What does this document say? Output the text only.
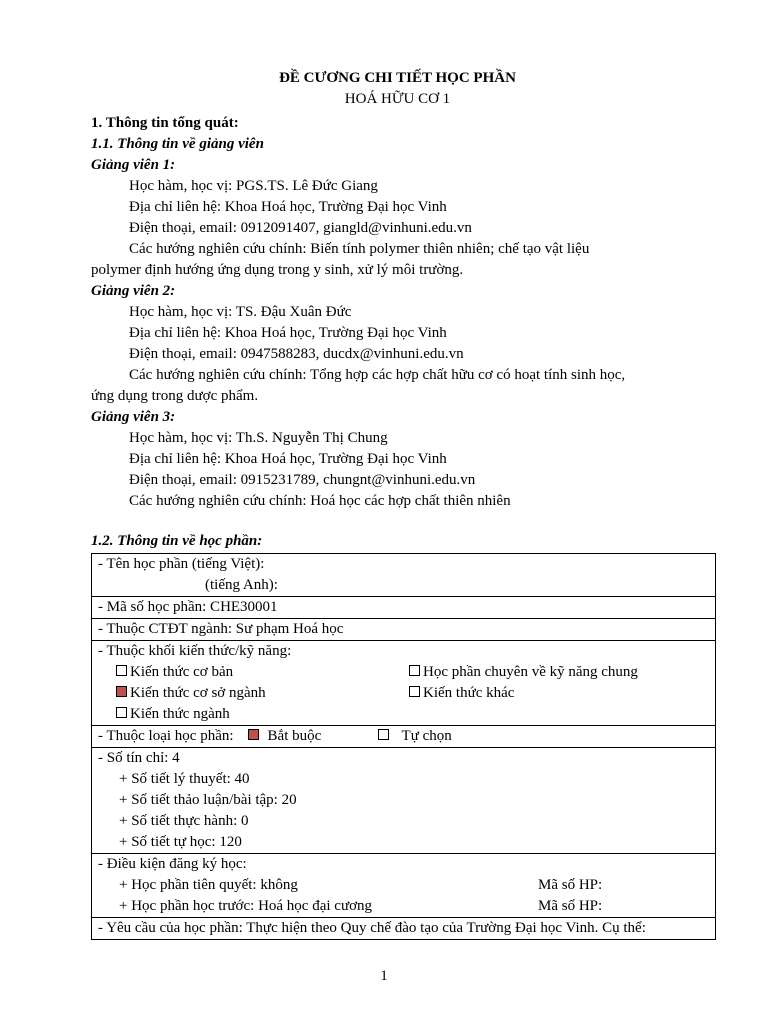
ĐỀ CƯƠNG CHI TIẾT HỌC PHẦN

HOÁ HỮU CƠ 1

1. Thông tin tổng quát:
1.1. Thông tin về giảng viên
Giảng viên 1:
Học hàm, học vị: PGS.TS. Lê Đức Giang
Địa chỉ liên hệ: Khoa Hoá học, Trường Đại học Vinh
Điện thoại, email: 0912091407, giangld@vinhuni.edu.vn
Các hướng nghiên cứu chính: Biến tính polymer thiên nhiên; chế tạo vật liệu
polymer định hướng ứng dụng trong y sinh, xử lý môi trường.
Giảng viên 2:
Học hàm, học vị: TS. Đậu Xuân Đức
Địa chỉ liên hệ: Khoa Hoá học, Trường Đại học Vinh
Điện thoại, email: 0947588283, ducdx@vinhuni.edu.vn
Các hướng nghiên cứu chính: Tổng hợp các hợp chất hữu cơ có hoạt tính sinh học,
ứng dụng trong dược phẩm.
Giảng viên 3:
Học hàm, học vị: Th.S. Nguyễn Thị Chung
Địa chỉ liên hệ: Khoa Hoá học, Trường Đại học Vinh
Điện thoại, email: 0915231789, chungnt@vinhuni.edu.vn
Các hướng nghiên cứu chính: Hoá học các hợp chất thiên nhiên
1.2. Thông tin về học phần:
- Tên học phần (tiếng Việt):
(tiếng Anh):

- Mã số học phần: CHE30001
- Thuộc CTĐT ngành: Sư phạm Hoá học

- Thuộc khối kiến thức/kỹ năng:
Kiến thức cơ bản	Học phần chuyên về kỹ năng chung
Kiến thức cơ sở ngành	Kiến thức khác
Kiến thức ngành

- Thuộc loại học phần: Bắt buộc	Tự chọn

- Số tín chỉ: 4
+ Số tiết lý thuyết: 40
+ Số tiết thảo luận/bài tập: 20
+ Số tiết thực hành: 0
+ Số tiết tự học: 120

- Điều kiện đăng ký học:
+ Học phần tiên quyết: không	Mã số HP:
+ Học phần học trước: Hoá học đại cương	Mã số HP:

- Yêu cầu của học phần: Thực hiện theo Quy chế đào tạo của Trường Đại học Vinh. Cụ thể:
1
